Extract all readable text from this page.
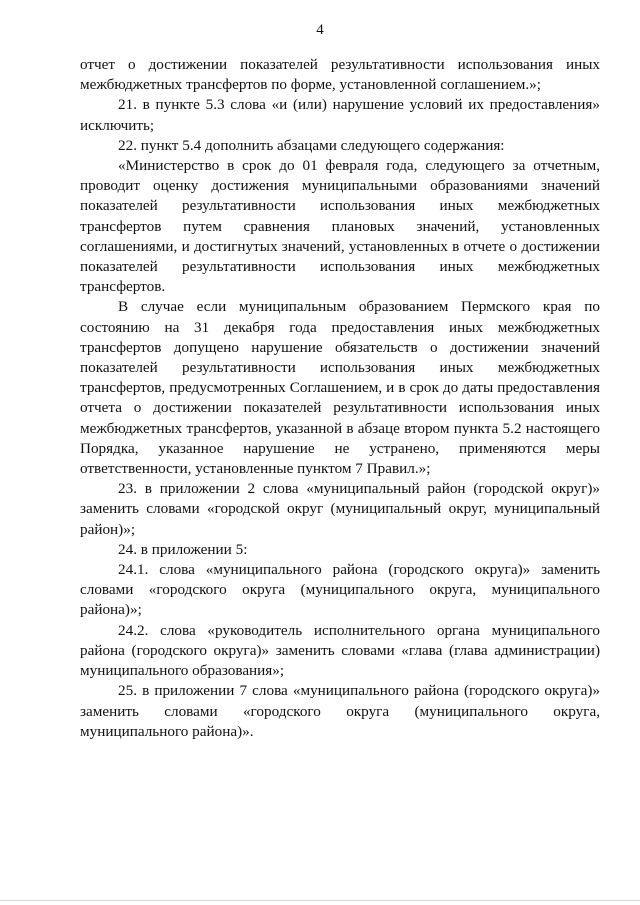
4

отчет о достижении показателей результативности использования иных межбюджетных трансфертов по форме, установленной соглашением.»;

21. в пункте 5.3 слова «и (или) нарушение условий их предоставления» исключить;

22. пункт 5.4 дополнить абзацами следующего содержания:

«Министерство в срок до 01 февраля года, следующего за отчетным, проводит оценку достижения муниципальными образованиями значений показателей результативности использования иных межбюджетных трансфертов путем сравнения плановых значений, установленных соглашениями, и достигнутых значений, установленных в отчете о достижении показателей результативности использования иных межбюджетных трансфертов.

В случае если муниципальным образованием Пермского края по состоянию на 31 декабря года предоставления иных межбюджетных трансфертов допущено нарушение обязательств о достижении значений показателей результативности использования иных межбюджетных трансфертов, предусмотренных Соглашением, и в срок до даты предоставления отчета о достижении показателей результативности использования иных межбюджетных трансфертов, указанной в абзаце втором пункта 5.2 настоящего Порядка, указанное нарушение не устранено, применяются меры ответственности, установленные пунктом 7 Правил.»;

23. в приложении 2 слова «муниципальный район (городской округ)» заменить словами «городской округ (муниципальный округ, муниципальный район)»;

24. в приложении 5:

24.1. слова «муниципального района (городского округа)» заменить словами «городского округа (муниципального округа, муниципального района)»;

24.2. слова «руководитель исполнительного органа муниципального района (городского округа)» заменить словами «глава (глава администрации) муниципального образования»;

25. в приложении 7 слова «муниципального района (городского округа)» заменить словами «городского округа (муниципального округа, муниципального района)».
